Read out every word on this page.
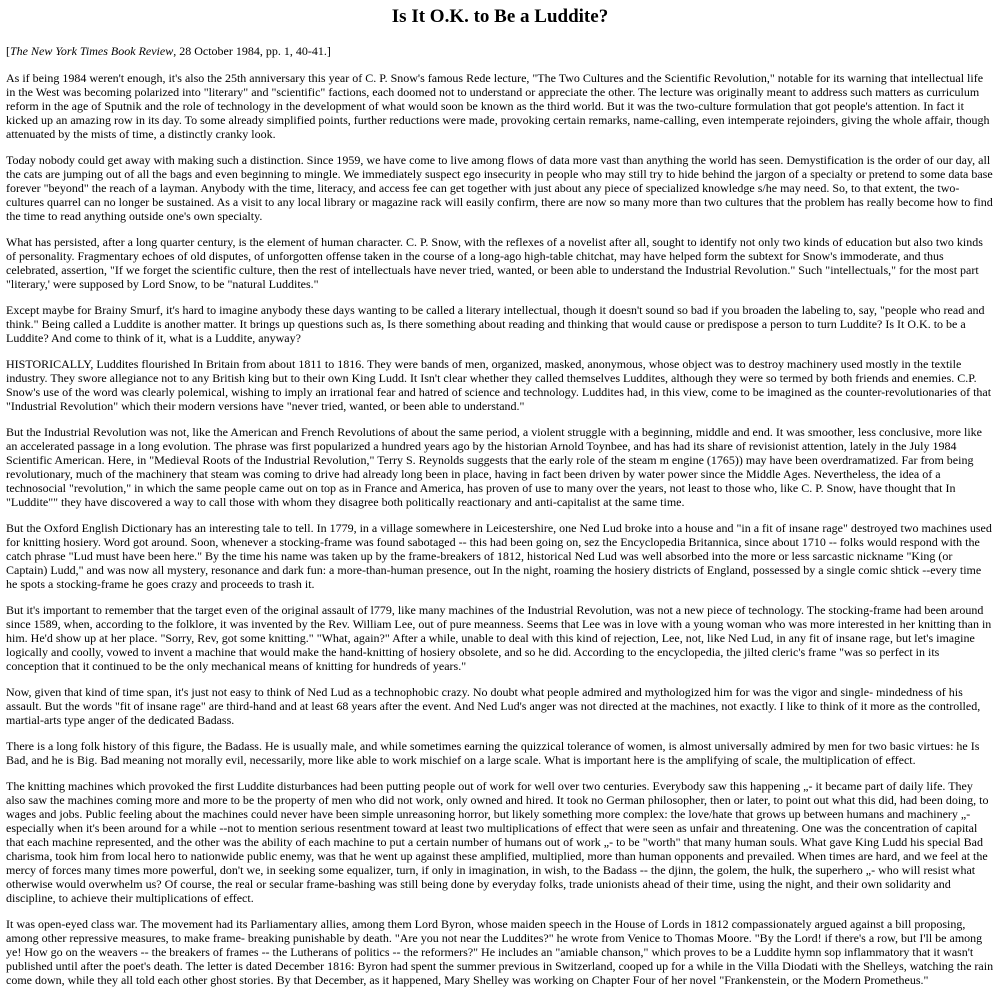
Is It O.K. to Be a Luddite?

[The New York Times Book Review, 28 October 1984, pp. 1, 40-41.]

As if being 1984 weren't enough, it's also the 25th anniversary this year of C. P. Snow's famous Rede lecture, "The Two Cultures and the Scientific Revolution," notable for its warning that intellectual life in the West was becoming polarized into "literary" and "scientific" factions, each doomed not to understand or appreciate the other. The lecture was originally meant to address such matters as curriculum reform in the age of Sputnik and the role of technology in the development of what would soon be known as the third world. But it was the two-culture formulation that got people's attention. In fact it kicked up an amazing row in its day. To some already simplified points, further reductions were made, provoking certain remarks, name-calling, even intemperate rejoinders, giving the whole affair, though attenuated by the mists of time, a distinctly cranky look.

Today nobody could get away with making such a distinction. Since 1959, we have come to live among flows of data more vast than anything the world has seen. Demystification is the order of our day, all the cats are jumping out of all the bags and even beginning to mingle. We immediately suspect ego insecurity in people who may still try to hide behind the jargon of a specialty or pretend to some data base forever "beyond" the reach of a layman. Anybody with the time, literacy, and access fee can get together with just about any piece of specialized knowledge s/he may need. So, to that extent, the two-cultures quarrel can no longer be sustained. As a visit to any local library or magazine rack will easily confirm, there are now so many more than two cultures that the problem has really become how to find the time to read anything outside one's own specialty.

What has persisted, after a long quarter century, is the element of human character. C. P. Snow, with the reflexes of a novelist after all, sought to identify not only two kinds of education but also two kinds of personality. Fragmentary echoes of old disputes, of unforgotten offense taken in the course of a long-ago high-table chitchat, may have helped form the subtext for Snow's immoderate, and thus celebrated, assertion, "If we forget the scientific culture, then the rest of intellectuals have never tried, wanted, or been able to understand the Industrial Revolution." Such "intellectuals," for the most part "literary,' were supposed by Lord Snow, to be "natural Luddites."

Except maybe for Brainy Smurf, it's hard to imagine anybody these days wanting to be called a literary intellectual, though it doesn't sound so bad if you broaden the labeling to, say, "people who read and think." Being called a Luddite is another matter. It brings up questions such as, Is there something about reading and thinking that would cause or predispose a person to turn Luddite? Is It O.K. to be a Luddite? And come to think of it, what is a Luddite, anyway?

HISTORICALLY, Luddites flourished In Britain from about 1811 to 1816. They were bands of men, organized, masked, anonymous, whose object was to destroy machinery used mostly in the textile industry. They swore allegiance not to any British king but to their own King Ludd. It Isn't clear whether they called themselves Luddites, although they were so termed by both friends and enemies. C.P. Snow's use of the word was clearly polemical, wishing to imply an irrational fear and hatred of science and technology. Luddites had, in this view, come to be imagined as the counter-revolutionaries of that "Industrial Revolution" which their modern versions have "never tried, wanted, or been able to understand."

But the Industrial Revolution was not, like the American and French Revolutions of about the same period, a violent struggle with a beginning, middle and end. It was smoother, less conclusive, more like an accelerated passage in a long evolution. The phrase was first popularized a hundred years ago by the historian Arnold Toynbee, and has had its share of revisionist attention, lately in the July 1984 Scientific American. Here, in "Medieval Roots of the Industrial Revolution," Terry S. Reynolds suggests that the early role of the steam m engine (1765)) may have been overdramatized. Far from being revolutionary, much of the machinery that steam was coming to drive had already long been in place, having in fact been driven by water power since the Middle Ages. Nevertheless, the idea of a technosocial "revolution," in which the same people came out on top as in France and America, has proven of use to many over the years, not least to those who, like C. P. Snow, have thought that In "Luddite"" they have discovered a way to call those with whom they disagree both politically reactionary and anti-capitalist at the same time.

But the Oxford English Dictionary has an interesting tale to tell. In 1779, in a village somewhere in Leicestershire, one Ned Lud broke into a house and "in a fit of insane rage" destroyed two machines used for knitting hosiery. Word got around. Soon, whenever a stocking-frame was found sabotaged -- this had been going on, sez the Encyclopedia Britannica, since about 1710 -- folks would respond with the catch phrase "Lud must have been here." By the time his name was taken up by the frame-breakers of 1812, historical Ned Lud was well absorbed into the more or less sarcastic nickname "King (or Captain) Ludd," and was now all mystery, resonance and dark fun: a more-than-human presence, out In the night, roaming the hosiery districts of England, possessed by a single comic shtick --every time he spots a stocking-frame he goes crazy and proceeds to trash it.

But it's important to remember that the target even of the original assault of l779, like many machines of the Industrial Revolution, was not a new piece of technology. The stocking-frame had been around since 1589, when, according to the folklore, it was invented by the Rev. William Lee, out of pure meanness. Seems that Lee was in love with a young woman who was more interested in her knitting than in him. He'd show up at her place. "Sorry, Rev, got some knitting." "What, again?" After a while, unable to deal with this kind of rejection, Lee, not, like Ned Lud, in any fit of insane rage, but let's imagine logically and coolly, vowed to invent a machine that would make the hand-knitting of hosiery obsolete, and so he did. According to the encyclopedia, the jilted cleric's frame "was so perfect in its conception that it continued to be the only mechanical means of knitting for hundreds of years."

Now, given that kind of time span, it's just not easy to think of Ned Lud as a technophobic crazy. No doubt what people admired and mythologized him for was the vigor and single- mindedness of his assault. But the words "fit of insane rage" are third-hand and at least 68 years after the event. And Ned Lud's anger was not directed at the machines, not exactly. I like to think of it more as the controlled, martial-arts type anger of the dedicated Badass.

There is a long folk history of this figure, the Badass. He is usually male, and while sometimes earning the quizzical tolerance of women, is almost universally admired by men for two basic virtues: he Is Bad, and he is Big. Bad meaning not morally evil, necessarily, more like able to work mischief on a large scale. What is important here is the amplifying of scale, the multiplication of effect.

The knitting machines which provoked the first Luddite disturbances had been putting people out of work for well over two centuries. Everybody saw this happening „- it became part of daily life. They also saw the machines coming more and more to be the property of men who did not work, only owned and hired. It took no German philosopher, then or later, to point out what this did, had been doing, to wages and jobs. Public feeling about the machines could never have been simple unreasoning horror, but likely something more complex: the love/hate that grows up between humans and machinery „- especially when it's been around for a while --not to mention serious resentment toward at least two multiplications of effect that were seen as unfair and threatening. One was the concentration of capital that each machine represented, and the other was the ability of each machine to put a certain number of humans out of work „- to be "worth" that many human souls. What gave King Ludd his special Bad charisma, took him from local hero to nationwide public enemy, was that he went up against these amplified, multiplied, more than human opponents and prevailed. When times are hard, and we feel at the mercy of forces many times more powerful, don't we, in seeking some equalizer, turn, if only in imagination, in wish, to the Badass -- the djinn, the golem, the hulk, the superhero „- who will resist what otherwise would overwhelm us? Of course, the real or secular frame-bashing was still being done by everyday folks, trade unionists ahead of their time, using the night, and their own solidarity and discipline, to achieve their multiplications of effect.

It was open-eyed class war. The movement had its Parliamentary allies, among them Lord Byron, whose maiden speech in the House of Lords in 1812 compassionately argued against a bill proposing, among other repressive measures, to make frame- breaking punishable by death. "Are you not near the Luddites?" he wrote from Venice to Thomas Moore. "By the Lord! if there's a row, but I'll be among ye! How go on the weavers -- the breakers of frames -- the Lutherans of politics -- the reformers?" He includes an "amiable chanson," which proves to be a Luddite hymn sop inflammatory that it wasn't published until after the poet's death. The letter is dated December 1816: Byron had spent the summer previous in Switzerland, cooped up for a while in the Villa Diodati with the Shelleys, watching the rain come down, while they all told each other ghost stories. By that December, as it happened, Mary Shelley was working on Chapter Four of her novel "Frankenstein, or the Modern Prometheus."
